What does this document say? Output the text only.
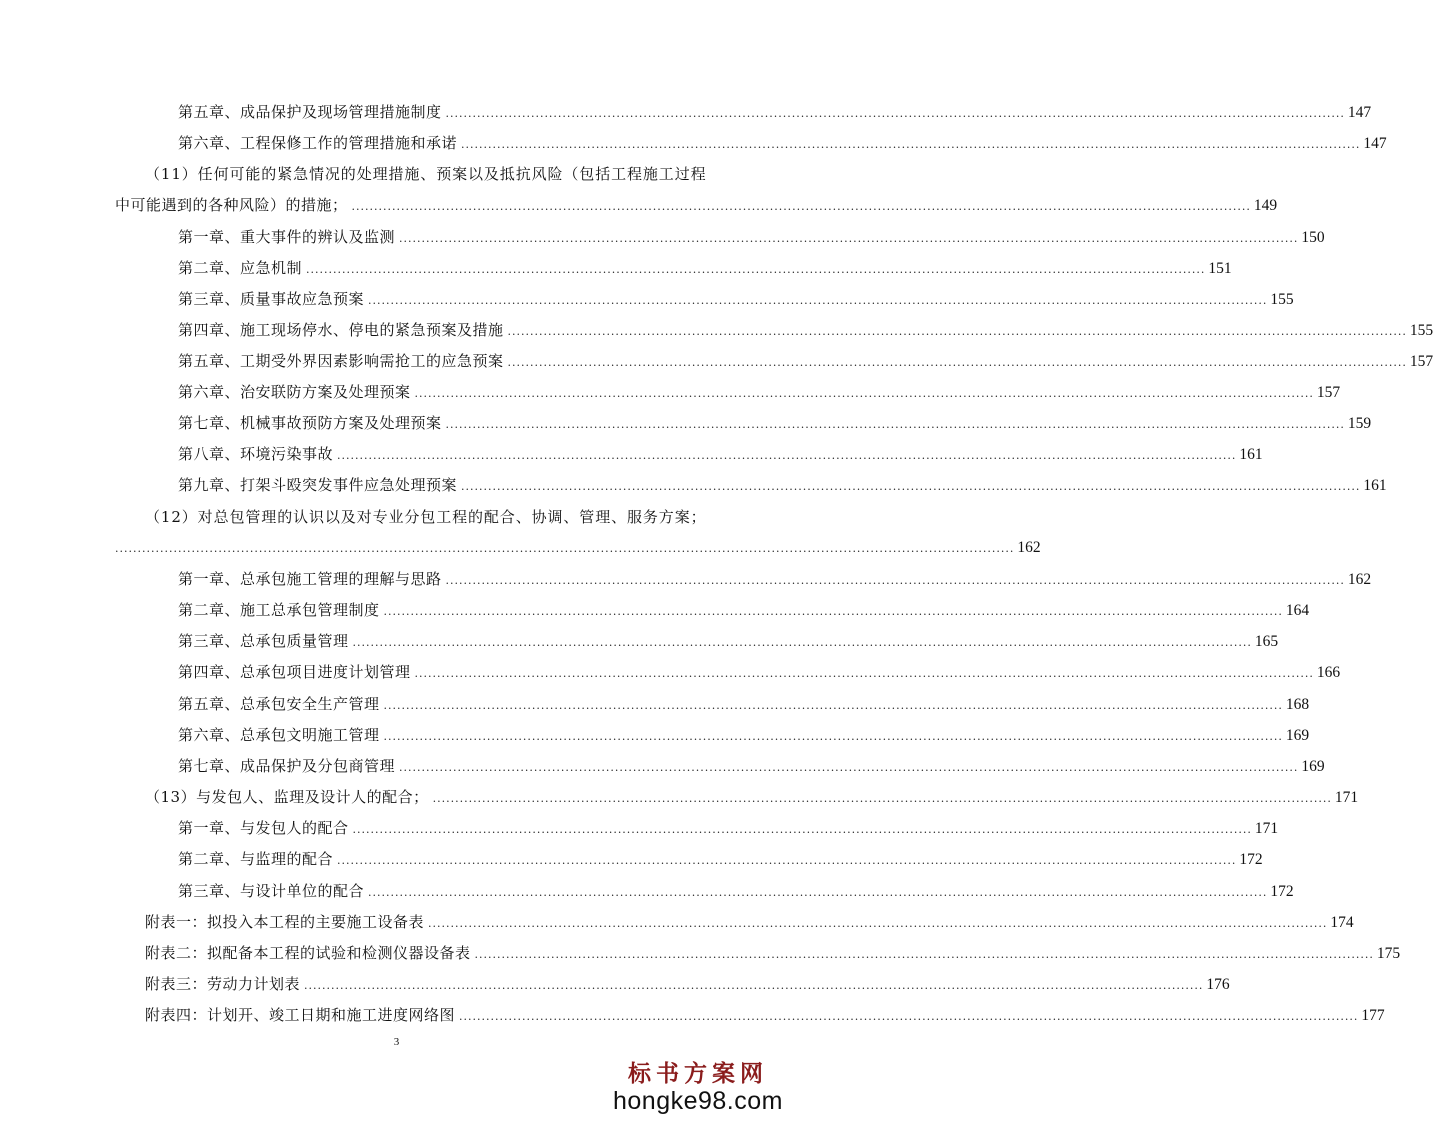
第五章、成品保护及现场管理措施制度 ........................................................................................................................................................................................................ 147
第六章、工程保修工作的管理措施和承诺 ........................................................................................................................................................................................................ 147
（11）任何可能的紧急情况的处理措施、预案以及抵抗风险（包括工程施工过程
中可能遇到的各种风险）的措施； ........................................................................................................................................................................................................ 149
第一章、重大事件的辨认及监测 ........................................................................................................................................................................................................ 150
第二章、应急机制 ........................................................................................................................................................................................................ 151
第三章、质量事故应急预案 ........................................................................................................................................................................................................ 155
第四章、施工现场停水、停电的紧急预案及措施 ........................................................................................................................................................................................................ 155
第五章、工期受外界因素影响需抢工的应急预案 ........................................................................................................................................................................................................ 157
第六章、治安联防方案及处理预案 ........................................................................................................................................................................................................ 157
第七章、机械事故预防方案及处理预案 ........................................................................................................................................................................................................ 159
第八章、环境污染事故 ........................................................................................................................................................................................................ 161
第九章、打架斗殴突发事件应急处理预案 ........................................................................................................................................................................................................ 161
（12）对总包管理的认识以及对专业分包工程的配合、协调、管理、服务方案；
........................................................................................................................................................................................................ 162
第一章、总承包施工管理的理解与思路 ........................................................................................................................................................................................................ 162
第二章、施工总承包管理制度 ........................................................................................................................................................................................................ 164
第三章、总承包质量管理 ........................................................................................................................................................................................................ 165
第四章、总承包项目进度计划管理 ........................................................................................................................................................................................................ 166
第五章、总承包安全生产管理 ........................................................................................................................................................................................................ 168
第六章、总承包文明施工管理 ........................................................................................................................................................................................................ 169
第七章、成品保护及分包商管理 ........................................................................................................................................................................................................ 169
（13）与发包人、监理及设计人的配合； ........................................................................................................................................................................................................ 171
第一章、与发包人的配合 ........................................................................................................................................................................................................ 171
第二章、与监理的配合 ........................................................................................................................................................................................................ 172
第三章、与设计单位的配合 ........................................................................................................................................................................................................ 172
附表一：拟投入本工程的主要施工设备表 ........................................................................................................................................................................................................ 174
附表二：拟配备本工程的试验和检测仪器设备表 ........................................................................................................................................................................................................ 175
附表三：劳动力计划表 ........................................................................................................................................................................................................ 176
附表四：计划开、竣工日期和施工进度网络图 ........................................................................................................................................................................................................ 177
3
标书方案网
hongke98.com
